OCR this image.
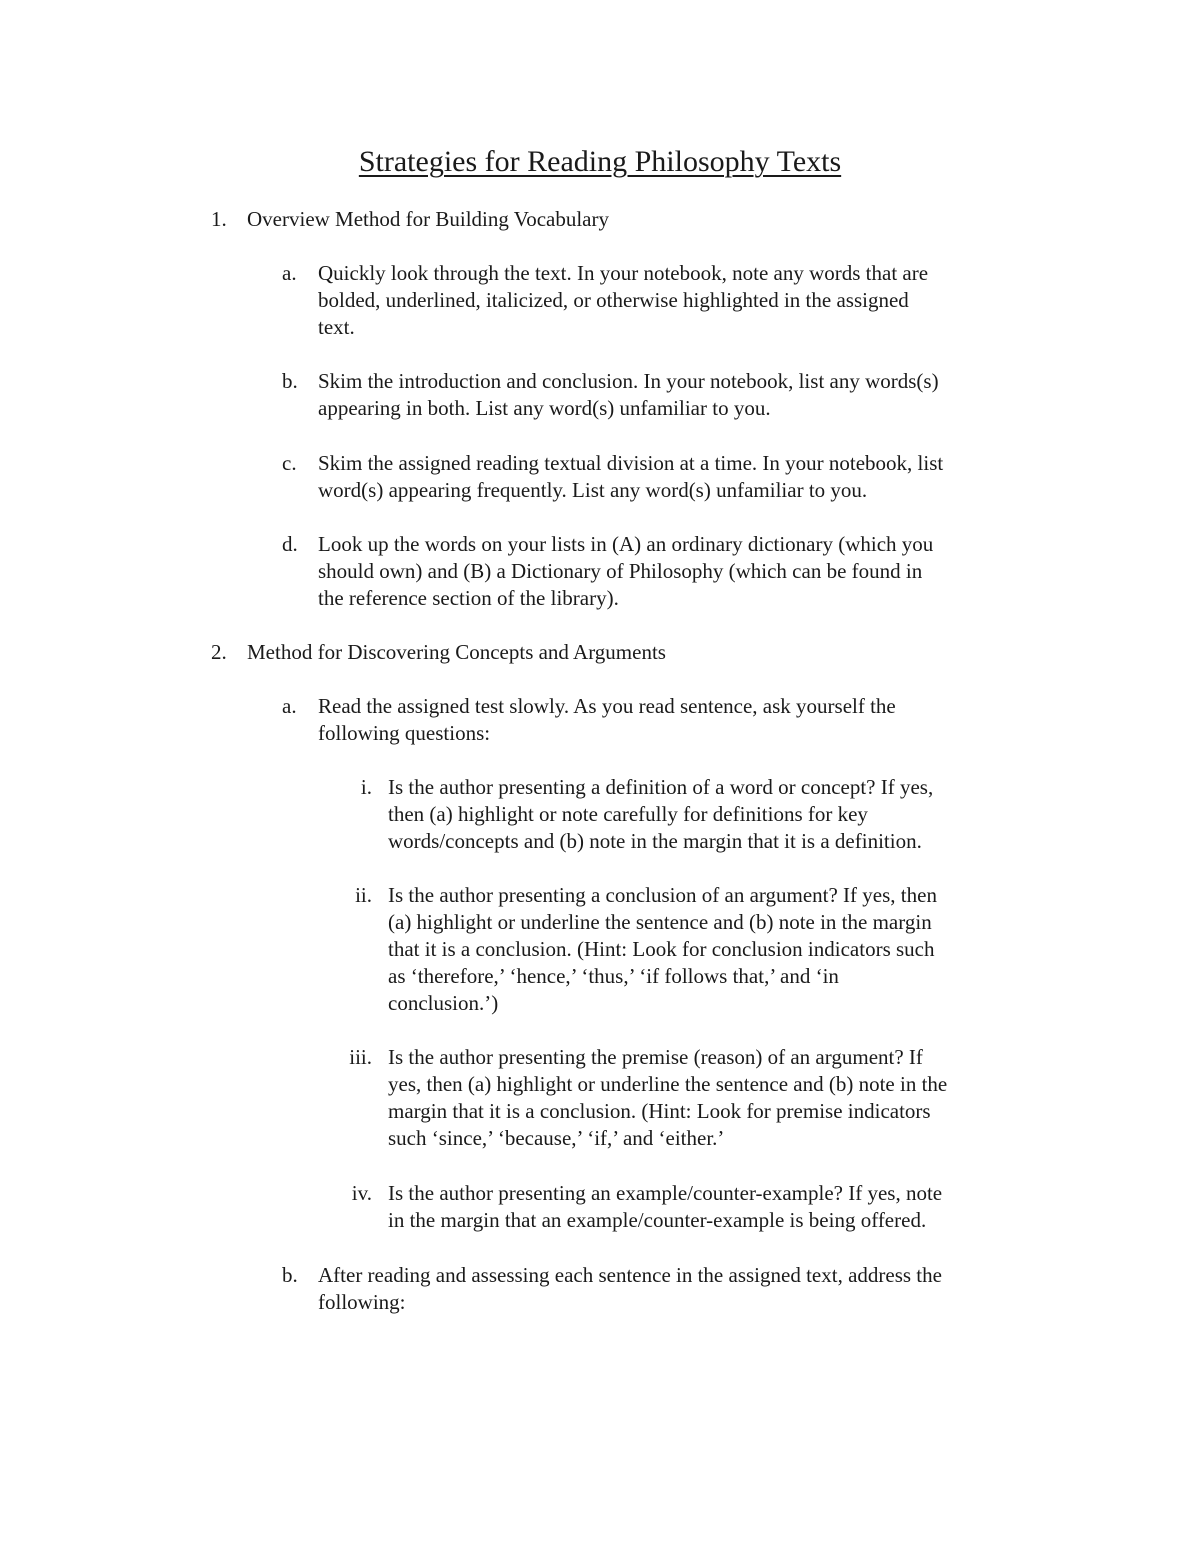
Strategies for Reading Philosophy Texts
1. Overview Method for Building Vocabulary
a. Quickly look through the text. In your notebook, note any words that are
bolded, underlined, italicized, or otherwise highlighted in the assigned
text.
b. Skim the introduction and conclusion. In your notebook, list any words(s)
appearing in both. List any word(s) unfamiliar to you.
c. Skim the assigned reading textual division at a time. In your notebook, list
word(s) appearing frequently. List any word(s) unfamiliar to you.
d. Look up the words on your lists in (A) an ordinary dictionary (which you
should own) and (B) a Dictionary of Philosophy (which can be found in
the reference section of the library).
2. Method for Discovering Concepts and Arguments
a. Read the assigned test slowly. As you read sentence, ask yourself the
following questions:
i. Is the author presenting a definition of a word or concept? If yes,
then (a) highlight or note carefully for definitions for key
words/concepts and (b) note in the margin that it is a definition.
ii. Is the author presenting a conclusion of an argument? If yes, then
(a) highlight or underline the sentence and (b) note in the margin
that it is a conclusion. (Hint: Look for conclusion indicators such
as ‘therefore,’ ‘hence,’ ‘thus,’ ‘if follows that,’ and ‘in
conclusion.’)
iii. Is the author presenting the premise (reason) of an argument? If
yes, then (a) highlight or underline the sentence and (b) note in the
margin that it is a conclusion. (Hint: Look for premise indicators
such ‘since,’ ‘because,’ ‘if,’ and ‘either.’
iv. Is the author presenting an example/counter-example? If yes, note
in the margin that an example/counter-example is being offered.
b. After reading and assessing each sentence in the assigned text, address the
following:
